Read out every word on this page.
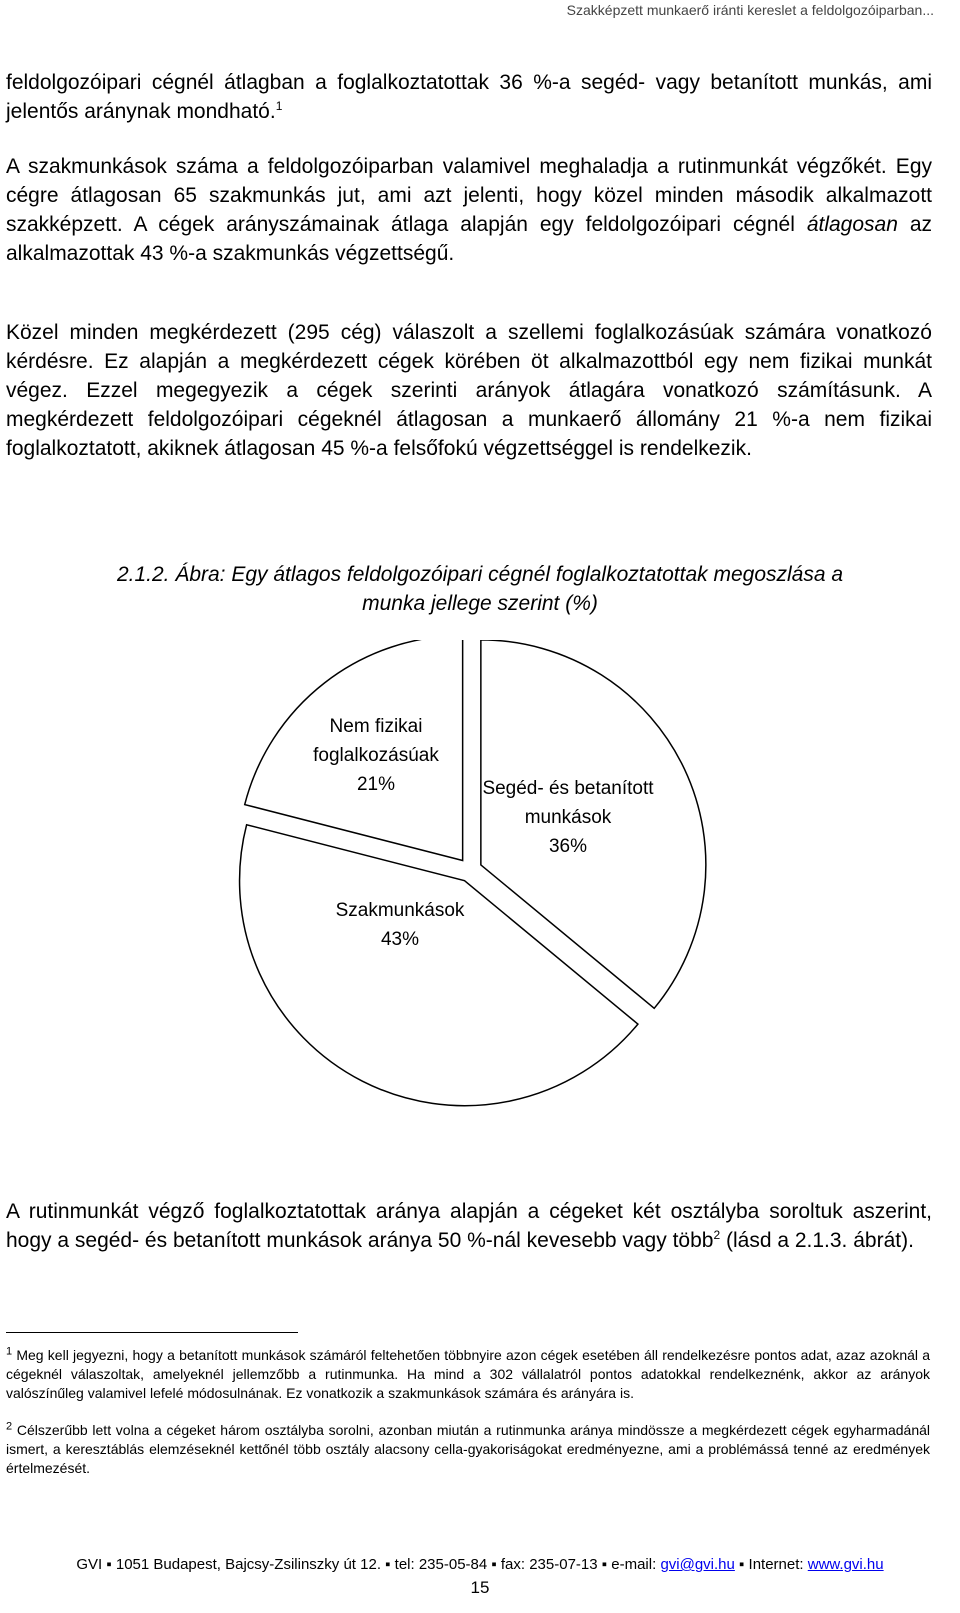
Szakképzett munkaerő iránti kereslet a feldolgozóiparban...

feldolgozóipari cégnél átlagban a foglalkoztatottak 36 %-a segéd- vagy betanított munkás, ami jelentős aránynak mondható.$^1$

A szakmunkások száma a feldolgozóiparban valamivel meghaladja a rutinmunkát végzőkét. Egy cégre átlagosan 65 szakmunkás jut, ami azt jelenti, hogy közel minden második alkalmazott szakképzett. A cégek arányszámainak átlaga alapján egy feldolgozóipari cégnél átlagosan az alkalmazottak 43 %-a szakmunkás végzettségű.

Közel minden megkérdezett (295 cég) válaszolt a szellemi foglalkozásúak számára vonatkozó kérdésre. Ez alapján a megkérdezett cégek körében öt alkalmazottból egy nem fizikai munkát végez. Ezzel megegyezik a cégek szerinti arányok átlagára vonatkozó számításunk. A megkérdezett feldolgozóipari cégeknél átlagosan a munkaerő állomány 21 %-a nem fizikai foglalkoztatott, akiknek átlagosan 45 %-a felsőfokú végzettséggel is rendelkezik.

2.1.2. Ábra: Egy átlagos feldolgozóipari cégnél foglalkoztatottak megoszlása a
munka jellege szerint (%)
Segéd- és betanított munkások 36%
Szakmunkások 43%
Nem fizikai foglalkozásúak 21%

A rutinmunkát végző foglalkoztatottak aránya alapján a cégeket két osztályba soroltuk aszerint, hogy a segéd- és betanított munkások aránya 50 %-nál kevesebb vagy több$^2$ (lásd a 2.1.3. ábrát).

$^1$ Meg kell jegyezni, hogy a betanított munkások számáról feltehetően többnyire azon cégek esetében áll rendelkezésre pontos adat, azaz azoknál a cégeknél válaszoltak, amelyeknél jellemzőbb a rutinmunka. Ha mind a 302 vállalatról pontos adatokkal rendelkeznénk, akkor az arányok valószínűleg valamivel lefelé módosulnának. Ez vonatkozik a szakmunkások számára és arányára is.

$^2$ Célszerűbb lett volna a cégeket három osztályba sorolni, azonban miután a rutinmunka aránya mindössze a megkérdezett cégek egyharmadánál ismert, a keresztáblás elemzéseknél kettőnél több osztály alacsony cella-gyakoriságokat eredményezne, ami a problémássá tenné az eredmények értelmezését.

GVI ▪ 1051 Budapest, Bajcsy-Zsilinszky út 12. ▪ tel: 235-05-84 ▪ fax: 235-07-13 ▪ e-mail: gvi@gvi.hu ▪ Internet: www.gvi.hu
15
